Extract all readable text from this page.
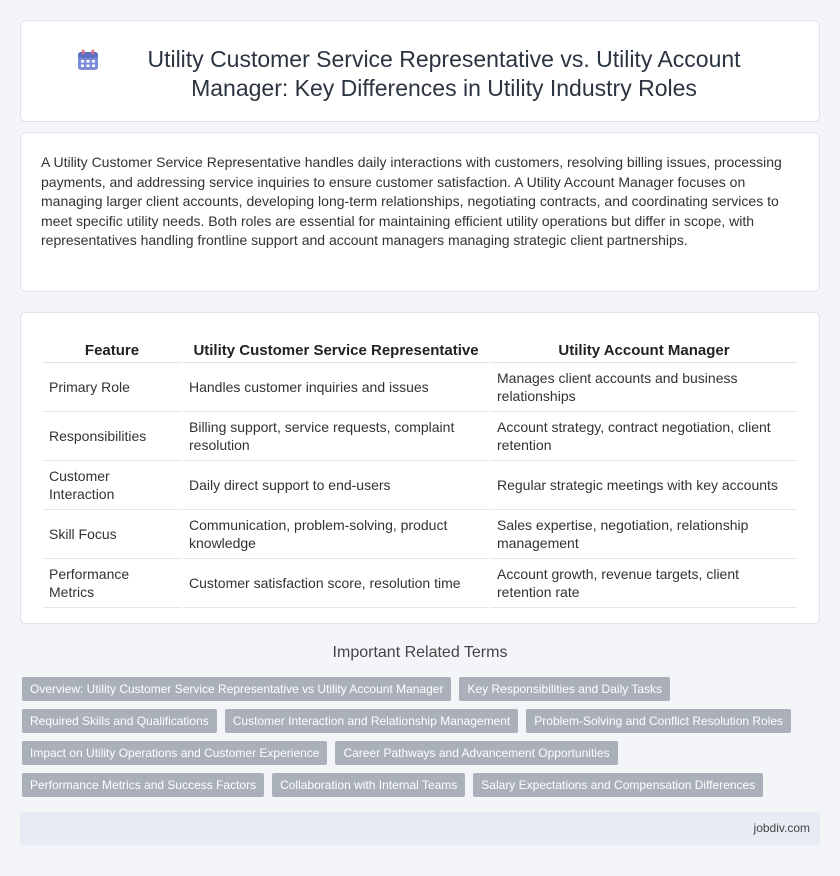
Utility Customer Service Representative vs. Utility Account Manager: Key Differences in Utility Industry Roles

A Utility Customer Service Representative handles daily interactions with customers, resolving billing issues, processing payments, and addressing service inquiries to ensure customer satisfaction. A Utility Account Manager focuses on managing larger client accounts, developing long-term relationships, negotiating contracts, and coordinating services to meet specific utility needs. Both roles are essential for maintaining efficient utility operations but differ in scope, with representatives handling frontline support and account managers managing strategic client partnerships.

Feature	Utility Customer Service Representative	Utility Account Manager
Primary Role	Handles customer inquiries and issues	Manages client accounts and business relationships
Responsibilities	Billing support, service requests, complaint resolution	Account strategy, contract negotiation, client retention
Customer Interaction	Daily direct support to end-users	Regular strategic meetings with key accounts
Skill Focus	Communication, problem-solving, product knowledge	Sales expertise, negotiation, relationship management
Performance Metrics	Customer satisfaction score, resolution time	Account growth, revenue targets, client retention rate
Important Related Terms
Overview: Utility Customer Service Representative vs Utility Account Manager	Key Responsibilities and Daily Tasks
Required Skills and Qualifications	Customer Interaction and Relationship Management	Problem-Solving and Conflict Resolution Roles
Impact on Utility Operations and Customer Experience	Career Pathways and Advancement Opportunities
Performance Metrics and Success Factors	Collaboration with Internal Teams	Salary Expectations and Compensation Differences
jobdiv.com
